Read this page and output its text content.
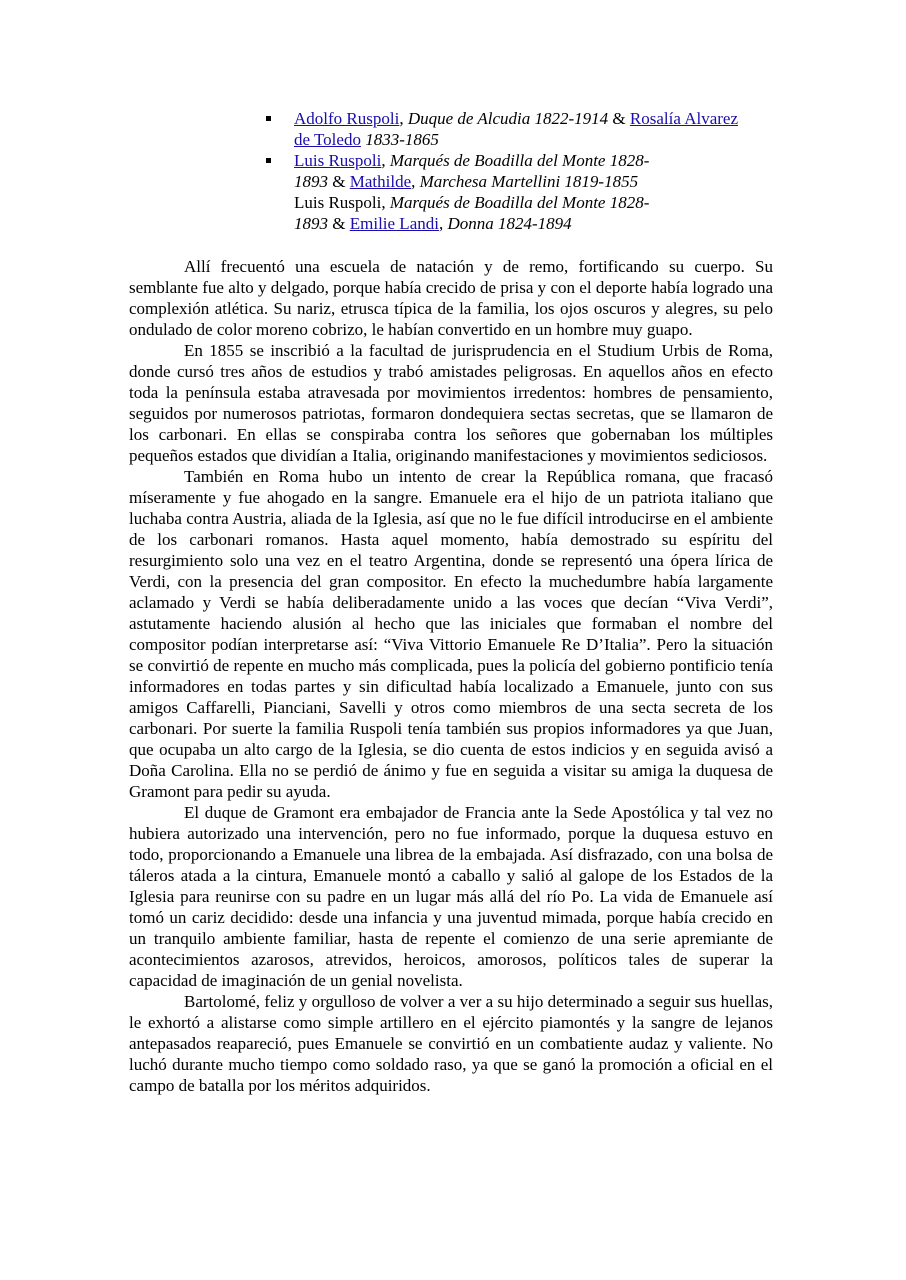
Adolfo Ruspoli, Duque de Alcudia 1822-1914 & Rosalía Alvarez
de Toledo 1833-1865
Luis Ruspoli, Marqués de Boadilla del Monte 1828-
1893 & Mathilde, Marchesa Martellini 1819-1855
Luis Ruspoli, Marqués de Boadilla del Monte 1828-
1893 & Emilie Landi, Donna 1824-1894

Allí frecuentó una escuela de natación y de remo, fortificando su cuerpo. Su semblante fue alto y delgado, porque había crecido de prisa y con el deporte había logrado una complexión atlética. Su nariz, etrusca típica de la familia, los ojos oscuros y alegres, su pelo ondulado de color moreno cobrizo, le habían convertido en un hombre muy guapo.

En 1855 se inscribió a la facultad de jurisprudencia en el Studium Urbis de Roma, donde cursó tres años de estudios y trabó amistades peligrosas. En aquellos años en efecto toda la península estaba atravesada por movimientos irredentos: hombres de pensamiento, seguidos por numerosos patriotas, formaron dondequiera sectas secretas, que se llamaron de los carbonari. En ellas se conspiraba contra los señores que gobernaban los múltiples pequeños estados que dividían a Italia, originando manifestaciones y movimientos sediciosos.

También en Roma hubo un intento de crear la República romana, que fracasó míseramente y fue ahogado en la sangre. Emanuele era el hijo de un patriota italiano que luchaba contra Austria, aliada de la Iglesia, así que no le fue difícil introducirse en el ambiente de los carbonari romanos. Hasta aquel momento, había demostrado su espíritu del resurgimiento solo una vez en el teatro Argentina, donde se representó una ópera lírica de Verdi, con la presencia del gran compositor. En efecto la muchedumbre había largamente aclamado y Verdi se había deliberadamente unido a las voces que decían “Viva Verdi”, astutamente haciendo alusión al hecho que las iniciales que formaban el nombre del compositor podían interpretarse así: “Viva Vittorio Emanuele Re D’Italia”. Pero la situación se convirtió de repente en mucho más complicada, pues la policía del gobierno pontificio tenía informadores en todas partes y sin dificultad había localizado a Emanuele, junto con sus amigos Caffarelli, Pianciani, Savelli y otros como miembros de una secta secreta de los carbonari. Por suerte la familia Ruspoli tenía también sus propios informadores ya que Juan, que ocupaba un alto cargo de la Iglesia, se dio cuenta de estos indicios y en seguida avisó a Doña Carolina. Ella no se perdió de ánimo y fue en seguida a visitar su amiga la duquesa de Gramont para pedir su ayuda.

El duque de Gramont era embajador de Francia ante la Sede Apostólica y tal vez no hubiera autorizado una intervención, pero no fue informado, porque la duquesa estuvo en todo, proporcionando a Emanuele una librea de la embajada. Así disfrazado, con una bolsa de táleros atada a la cintura, Emanuele montó a caballo y salió al galope de los Estados de la Iglesia para reunirse con su padre en un lugar más allá del río Po. La vida de Emanuele así tomó un cariz decidido: desde una infancia y una juventud mimada, porque había crecido en un tranquilo ambiente familiar, hasta de repente el comienzo de una serie apremiante de acontecimientos azarosos, atrevidos, heroicos, amorosos, políticos tales de superar la capacidad de imaginación de un genial novelista.

Bartolomé, feliz y orgulloso de volver a ver a su hijo determinado a seguir sus huellas, le exhortó a alistarse como simple artillero en el ejército piamontés y la sangre de lejanos antepasados reapareció, pues Emanuele se convirtió en un combatiente audaz y valiente. No luchó durante mucho tiempo como soldado raso, ya que se ganó la promoción a oficial en el campo de batalla por los méritos adquiridos.
